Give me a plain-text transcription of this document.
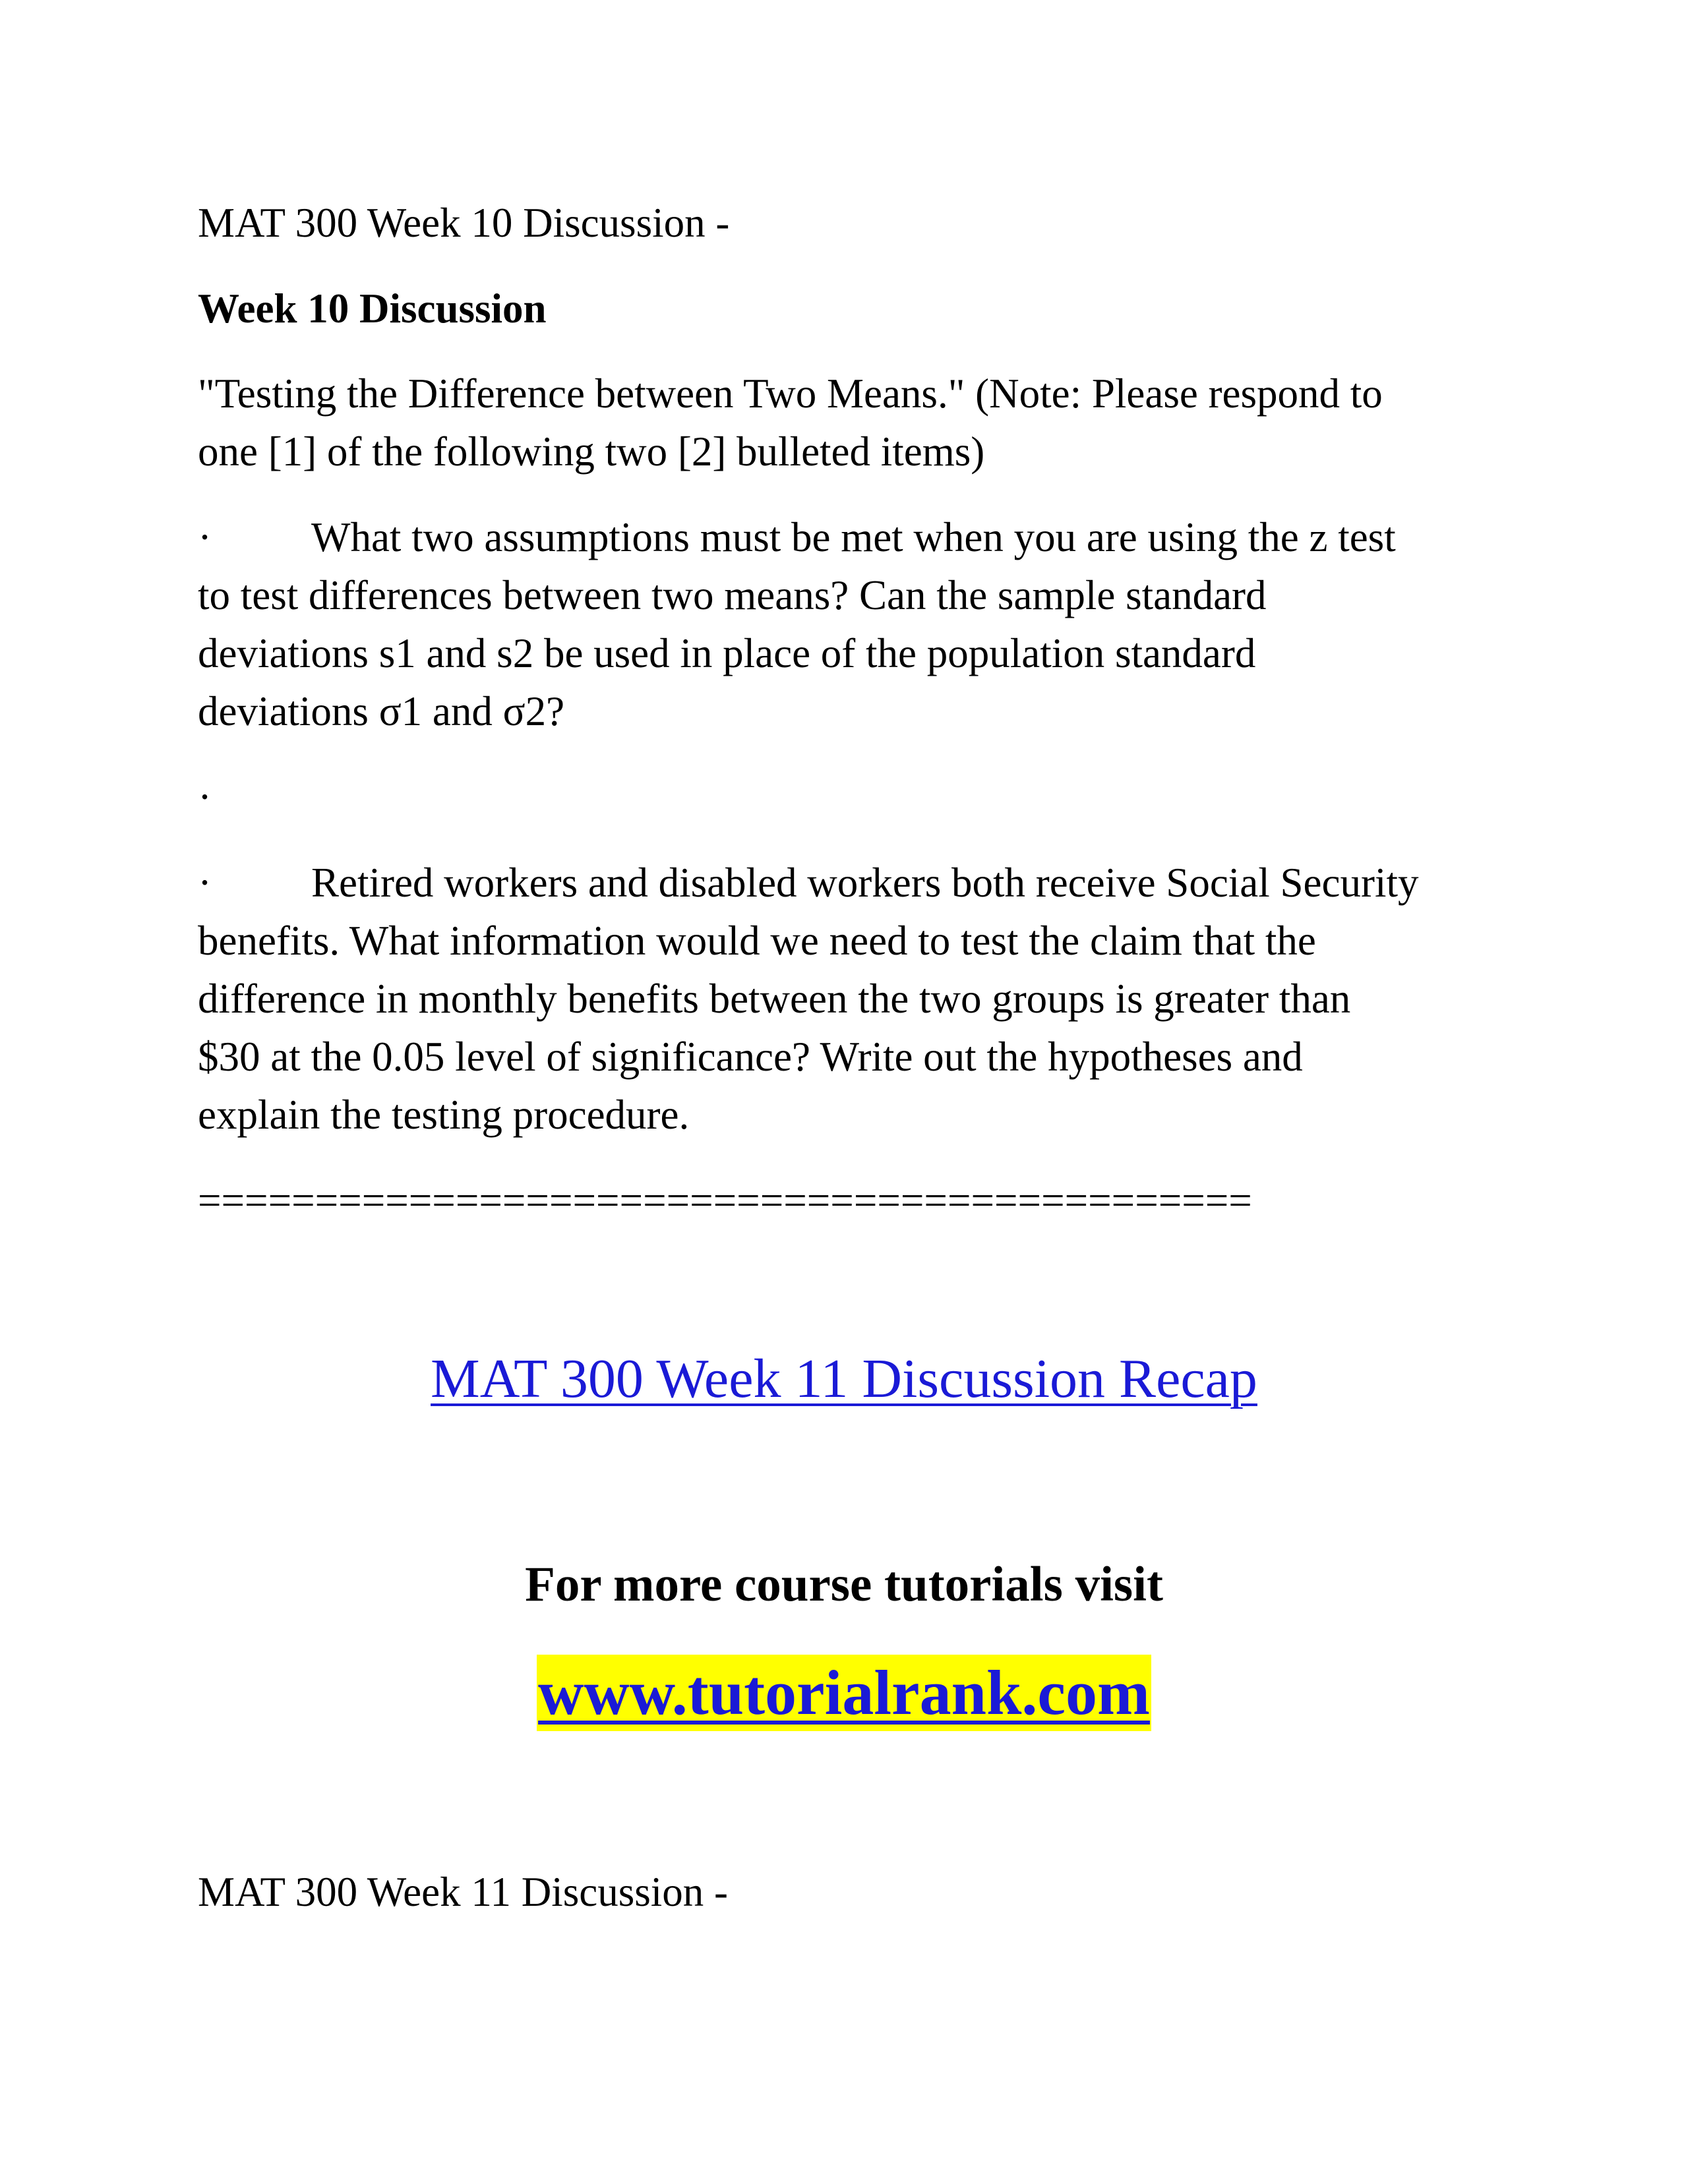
MAT 300 Week 10 Discussion -

Week 10 Discussion

"Testing the Difference between Two Means." (Note: Please respond to

one [1] of the following two [2] bulleted items)

· What two assumptions must be met when you are using the z test

to test differences between two means? Can the sample standard

deviations s1 and s2 be used in place of the population standard

deviations σ1 and σ2?

·

· Retired workers and disabled workers both receive Social Security

benefits. What information would we need to test the claim that the

difference in monthly benefits between the two groups is greater than

$30 at the 0.05 level of significance? Write out the hypotheses and

explain the testing procedure.

=============================================

MAT 300 Week 11 Discussion Recap

For more course tutorials visit

www.tutorialrank.com

MAT 300 Week 11 Discussion -
